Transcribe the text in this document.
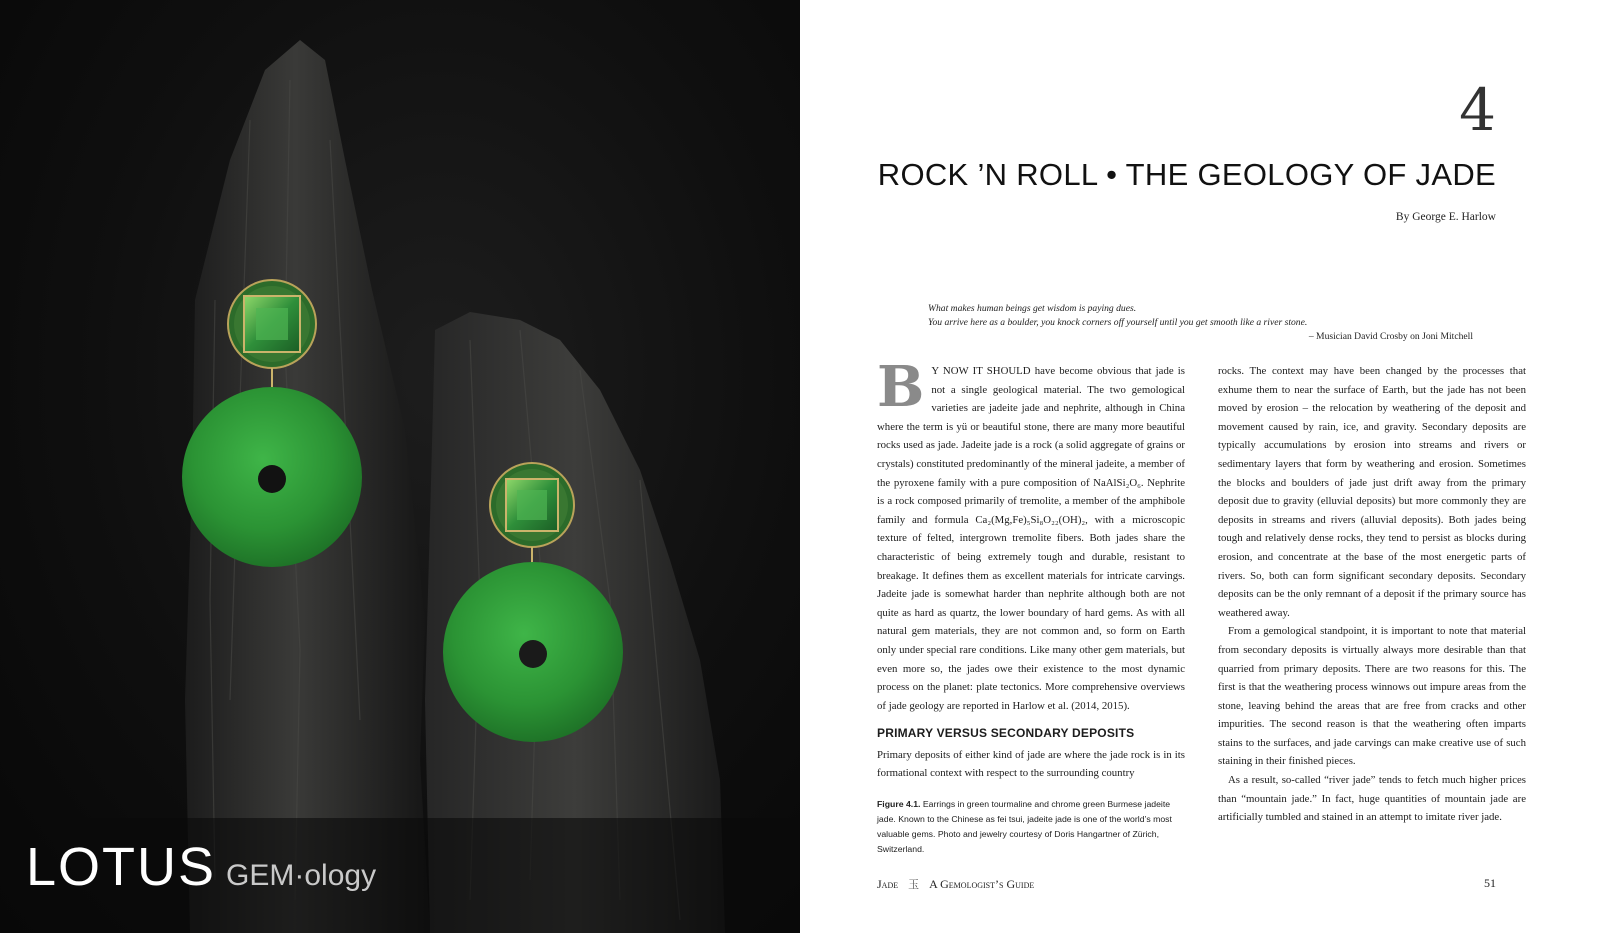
LOTUS GEM·ology
4
ROCK ’N ROLL • THE GEOLOGY OF JADE
By George E. Harlow
What makes human beings get wisdom is paying dues.
You arrive here as a boulder, you knock corners off yourself until you get smooth like a river stone.
– Musician David Crosby on Joni Mitchell

B Y NOW IT SHOULD have become obvious that jade is not a single geological material. The two gemological varieties are jadeite jade and nephrite, although in China where the term is yü or beautiful stone, there are many more beautiful rocks used as jade. Jadeite jade is a rock (a solid aggregate of grains or crystals) constituted predominantly of the mineral jadeite, a member of the pyroxene family with a pure composition of NaAlSi₂O₆. Nephrite is a rock composed primarily of tremolite, a member of the amphibole family and formula Ca₂(Mg,Fe)₅Si₈O₂₂(OH)₂, with a microscopic texture of felted, intergrown tremolite fibers. Both jades share the characteristic of being extremely tough and durable, resistant to breakage. It defines them as excellent materials for intricate carvings. Jadeite jade is somewhat harder than nephrite although both are not quite as hard as quartz, the lower boundary of hard gems. As with all natural gem materials, they are not common and, so form on Earth only under special rare conditions. Like many other gem materials, but even more so, the jades owe their existence to the most dynamic process on the planet: plate tectonics. More comprehensive overviews of jade geology are reported in Harlow et al. (2014, 2015).

PRIMARY VERSUS SECONDARY DEPOSITS

Primary deposits of either kind of jade are where the jade rock is in its formational context with respect to the surrounding country

Figure 4.1. Earrings in green tourmaline and chrome green Burmese jadeite jade. Known to the Chinese as fei tsui, jadeite jade is one of the world’s most valuable gems. Photo and jewelry courtesy of Doris Hangartner of Zürich, Switzerland.

rocks. The context may have been changed by the processes that exhume them to near the surface of Earth, but the jade has not been moved by erosion – the relocation by weathering of the deposit and movement caused by rain, ice, and gravity. Secondary deposits are typically accumulations by erosion into streams and rivers or sedimentary layers that form by weathering and erosion. Sometimes the blocks and boulders of jade just drift away from the primary deposit due to gravity (elluvial deposits) but more commonly they are deposits in streams and rivers (alluvial deposits). Both jades being tough and relatively dense rocks, they tend to persist as blocks during erosion, and concentrate at the base of the most energetic parts of rivers. So, both can form significant secondary deposits. Secondary deposits can be the only remnant of a deposit if the primary source has weathered away.

From a gemological standpoint, it is important to note that material from secondary deposits is virtually always more desirable than that quarried from primary deposits. There are two reasons for this. The first is that the weathering process winnows out impure areas from the stone, leaving behind the areas that are free from cracks and other impurities. The second reason is that the weathering often imparts stains to the surfaces, and jade carvings can make creative use of such staining in their finished pieces.

As a result, so-called “river jade” tends to fetch much higher prices than “mountain jade.” In fact, huge quantities of mountain jade are artificially tumbled and stained in an attempt to imitate river jade.

Jade 玉 A Gemologist’s Guide	51
